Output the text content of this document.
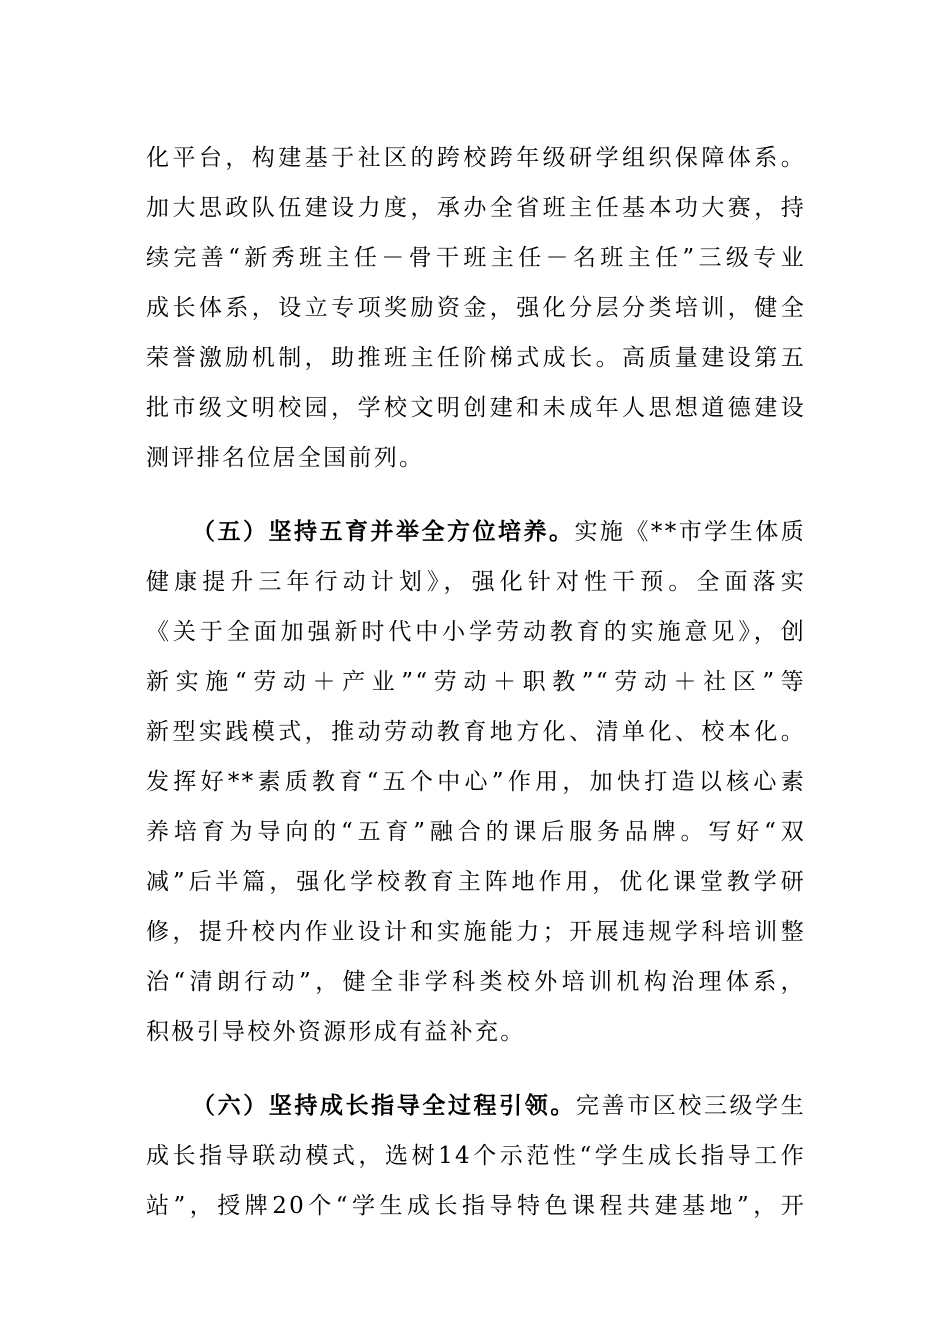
化平台，构建基于社区的跨校跨年级研学组织保障体系。
加大思政队伍建设力度，承办全省班主任基本功大赛，持
续完善“新秀班主任－骨干班主任－名班主任”三级专业
成长体系，设立专项奖励资金，强化分层分类培训，健全
荣誉激励机制，助推班主任阶梯式成长。高质量建设第五
批市级文明校园，学校文明创建和未成年人思想道德建设
测评排名位居全国前列。

（五）坚持五育并举全方位培养。实施《**市学生体质
健康提升三年行动计划》，强化针对性干预。全面落实
《关于全面加强新时代中小学劳动教育的实施意见》，创
新实施“劳动＋产业”“劳动＋职教”“劳动＋社区”等
新型实践模式，推动劳动教育地方化、清单化、校本化。
发挥好**素质教育“五个中心”作用，加快打造以核心素
养培育为导向的“五育”融合的课后服务品牌。写好“双
减”后半篇，强化学校教育主阵地作用，优化课堂教学研
修，提升校内作业设计和实施能力；开展违规学科培训整
治“清朗行动”，健全非学科类校外培训机构治理体系，
积极引导校外资源形成有益补充。

（六）坚持成长指导全过程引领。完善市区校三级学生
成长指导联动模式，选树14个示范性“学生成长指导工作
站”，授牌20个“学生成长指导特色课程共建基地”，开
